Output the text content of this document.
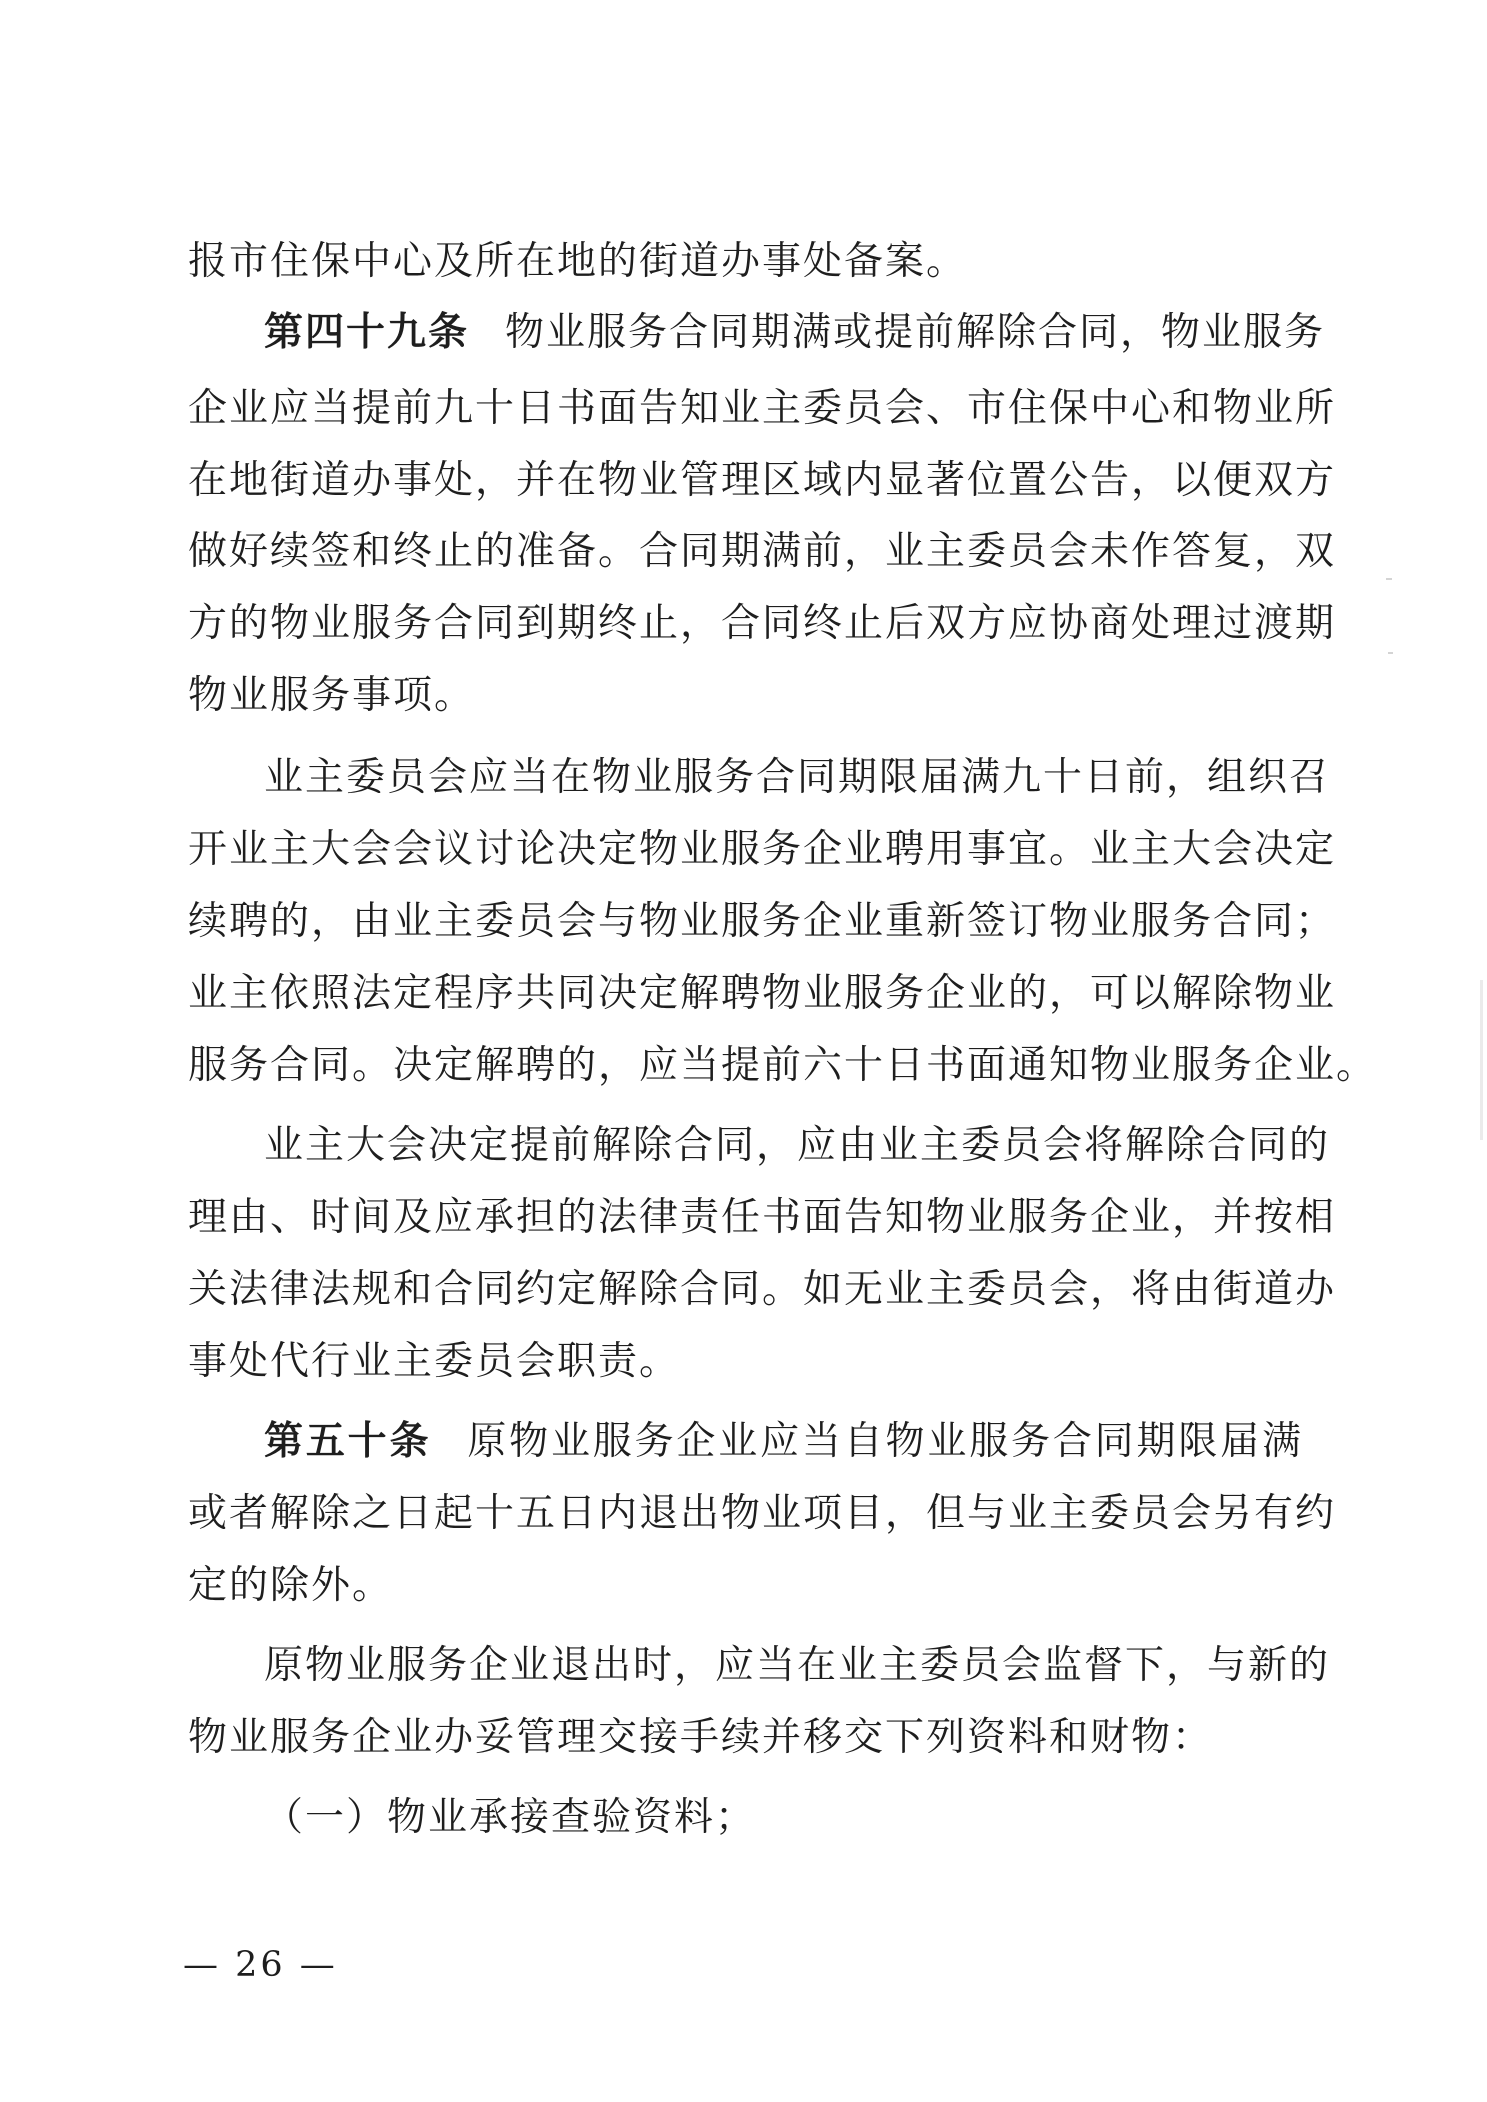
报市住保中心及所在地的街道办事处备案。
第四十九条 物业服务合同期满或提前解除合同，物业服务
企业应当提前九十日书面告知业主委员会、市住保中心和物业所
在地街道办事处，并在物业管理区域内显著位置公告，以便双方
做好续签和终止的准备。合同期满前，业主委员会未作答复，双
方的物业服务合同到期终止，合同终止后双方应协商处理过渡期
物业服务事项。
业主委员会应当在物业服务合同期限届满九十日前，组织召
开业主大会会议讨论决定物业服务企业聘用事宜。业主大会决定
续聘的，由业主委员会与物业服务企业重新签订物业服务合同；
业主依照法定程序共同决定解聘物业服务企业的，可以解除物业
服务合同。决定解聘的，应当提前六十日书面通知物业服务企业。
业主大会决定提前解除合同，应由业主委员会将解除合同的
理由、时间及应承担的法律责任书面告知物业服务企业，并按相
关法律法规和合同约定解除合同。如无业主委员会，将由街道办
事处代行业主委员会职责。
第五十条 原物业服务企业应当自物业服务合同期限届满
或者解除之日起十五日内退出物业项目，但与业主委员会另有约
定的除外。
原物业服务企业退出时，应当在业主委员会监督下，与新的
物业服务企业办妥管理交接手续并移交下列资料和财物：
（一）物业承接查验资料；
— 26 —
